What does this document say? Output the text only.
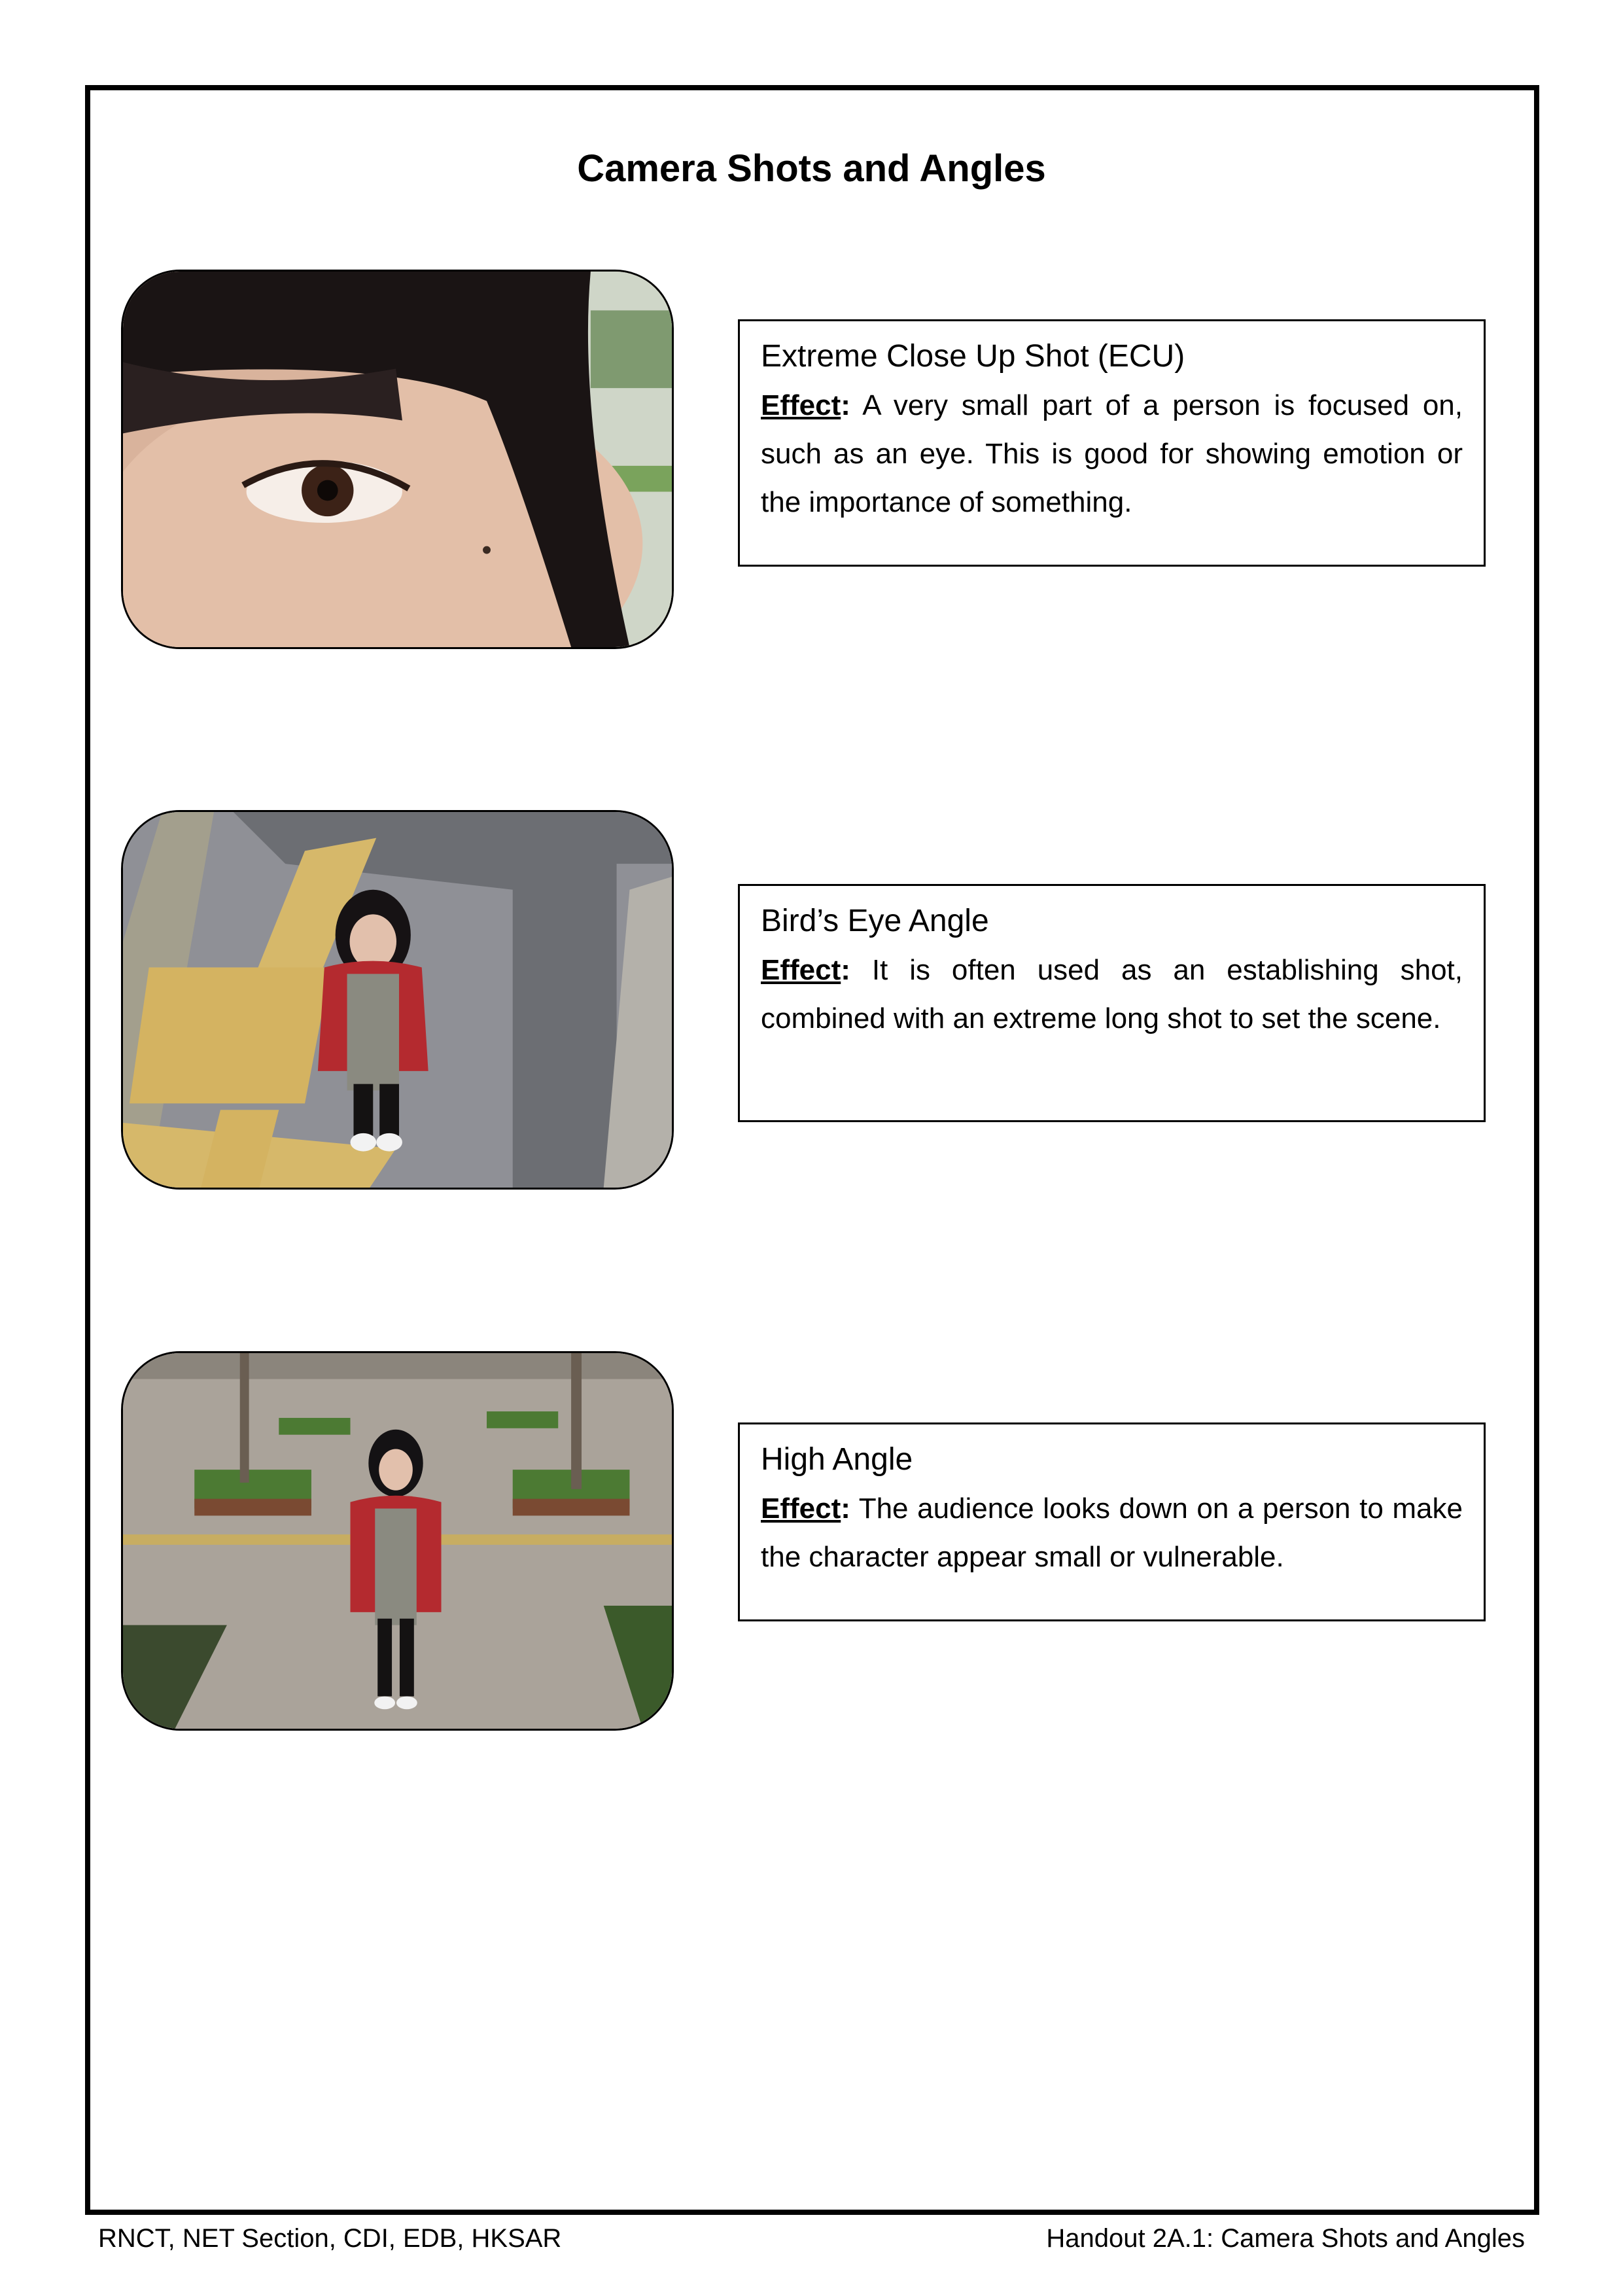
Camera Shots and Angles
Extreme Close Up Shot (ECU)
Effect: A very small part of a person is focused on, such as an eye. This is good for showing emotion or the importance of something.
Bird’s Eye Angle
Effect: It is often used as an establishing shot, combined with an extreme long shot to set the scene.
High Angle
Effect: The audience looks down on a person to make the character appear small or vulnerable.
RNCT, NET Section, CDI, EDB, HKSAR	Handout 2A.1: Camera Shots and Angles
